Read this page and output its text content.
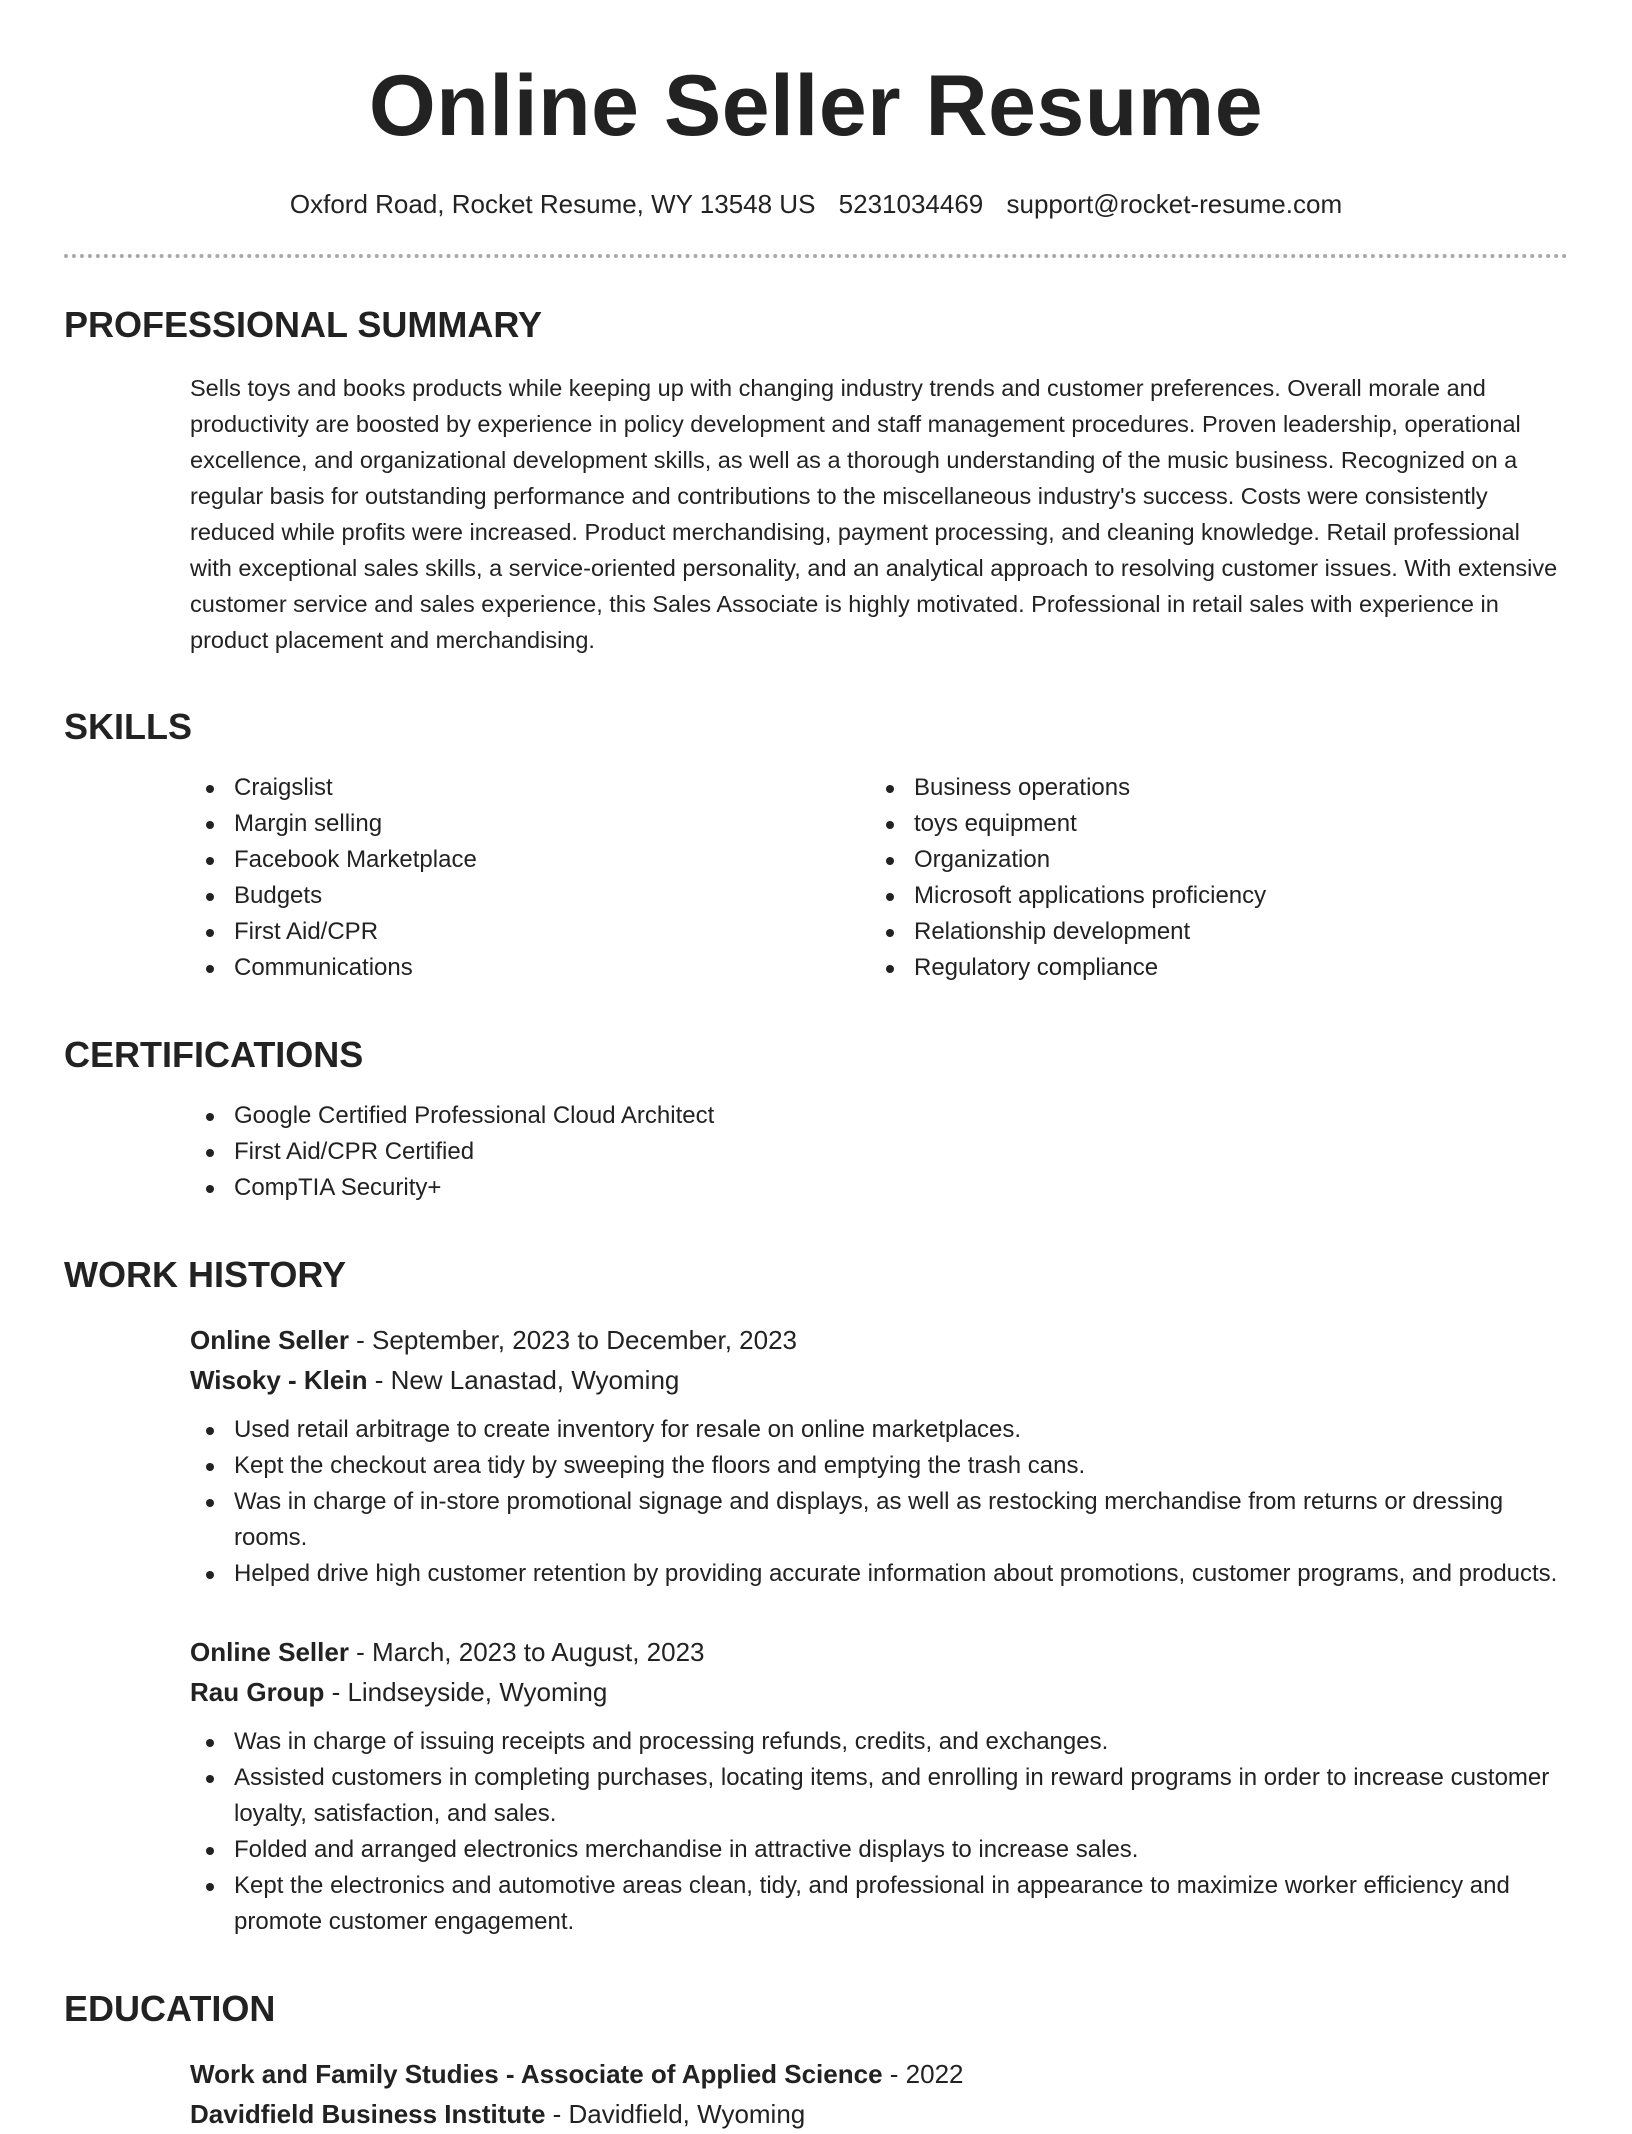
Online Seller Resume
Oxford Road, Rocket Resume, WY 13548 US 5231034469 support@rocket-resume.com
PROFESSIONAL SUMMARY

Sells toys and books products while keeping up with changing industry trends and customer preferences. Overall morale and productivity are boosted by experience in policy development and staff management procedures. Proven leadership, operational excellence, and organizational development skills, as well as a thorough understanding of the music business. Recognized on a regular basis for outstanding performance and contributions to the miscellaneous industry's success. Costs were consistently reduced while profits were increased. Product merchandising, payment processing, and cleaning knowledge. Retail professional with exceptional sales skills, a service-oriented personality, and an analytical approach to resolving customer issues. With extensive customer service and sales experience, this Sales Associate is highly motivated. Professional in retail sales with experience in product placement and merchandising.

SKILLS
Craigslist
Margin selling
Facebook Marketplace
Budgets
First Aid/CPR
Communications
Business operations
toys equipment
Organization
Microsoft applications proficiency
Relationship development
Regulatory compliance
CERTIFICATIONS
Google Certified Professional Cloud Architect
First Aid/CPR Certified
CompTIA Security+
WORK HISTORY
Online Seller - September, 2023 to December, 2023
Wisoky - Klein - New Lanastad, Wyoming
Used retail arbitrage to create inventory for resale on online marketplaces.
Kept the checkout area tidy by sweeping the floors and emptying the trash cans.
Was in charge of in-store promotional signage and displays, as well as restocking merchandise from returns or dressing rooms.
Helped drive high customer retention by providing accurate information about promotions, customer programs, and products.
Online Seller - March, 2023 to August, 2023
Rau Group - Lindseyside, Wyoming
Was in charge of issuing receipts and processing refunds, credits, and exchanges.
Assisted customers in completing purchases, locating items, and enrolling in reward programs in order to increase customer loyalty, satisfaction, and sales.
Folded and arranged electronics merchandise in attractive displays to increase sales.
Kept the electronics and automotive areas clean, tidy, and professional in appearance to maximize worker efficiency and promote customer engagement.
EDUCATION
Work and Family Studies - Associate of Applied Science - 2022
Davidfield Business Institute - Davidfield, Wyoming
